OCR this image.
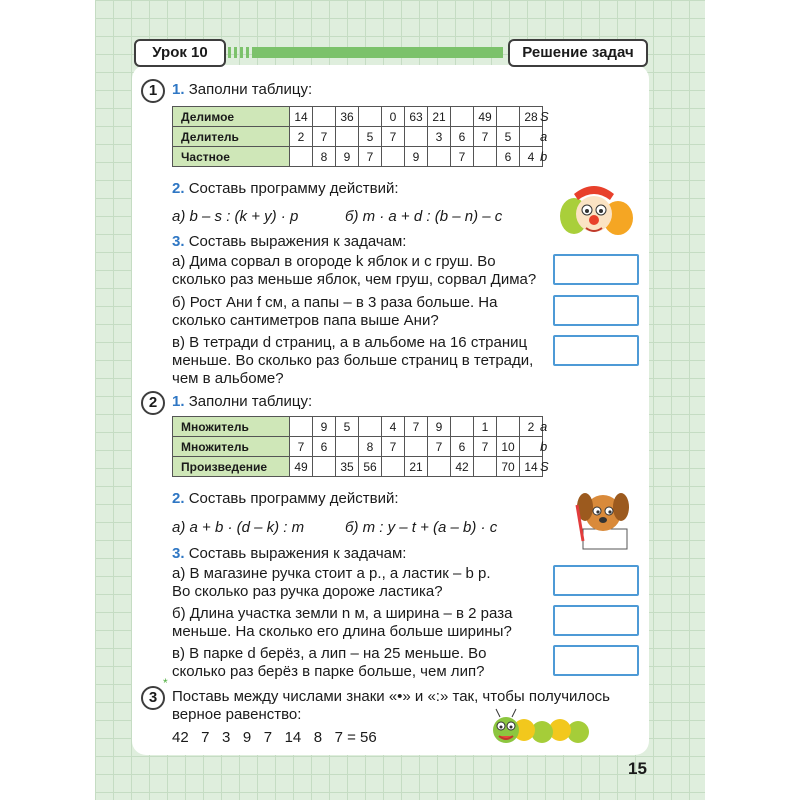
Урок 10	Решение задач
1 1. Заполни таблицу:
Делимое	14		36		0	63	21		49		28
Делитель	2	7		5	7		3	6	7	5	
Частное		8	9	7		9		7		6	4
S
a
b
2. Составь программу действий:
а) b – s : (k + y) · p	б) m · a + d : (b – n) – c
3. Составь выражения к задачам:
а) Дима сорвал в огороде k яблок и c груш. Во
сколько раз меньше яблок, чем груш, сорвал Дима?
б) Рост Ани f см, а папы – в 3 раза больше. На
сколько сантиметров папа выше Ани?
в) В тетради d страниц, а в альбоме на 16 страниц
меньше. Во сколько раз больше страниц в тетради,
чем в альбоме?
2 1. Заполни таблицу:
Множитель		9	5		4	7	9		1		2
Множитель	7	6		8	7		7	6	7	10	
Произведение	49		35	56		21		42		70	14
a
b
S
2. Составь программу действий:
а) a + b · (d – k) : m	б) m : y – t + (a – b) · c
3. Составь выражения к задачам:
а) В магазине ручка стоит a р., а ластик – b р.
Во сколько раз ручка дороже ластика?
б) Длина участка земли n м, а ширина – в 2 раза
меньше. На сколько его длина больше ширины?
в) В парке d берёз, а лип – на 25 меньше. Во
сколько раз берёз в парке больше, чем лип?
3
*
Поставь между числами знаки «•» и «:» так, чтобы получилось
верное равенство:
42   7   3   9   7   14   8   7 = 56
15
